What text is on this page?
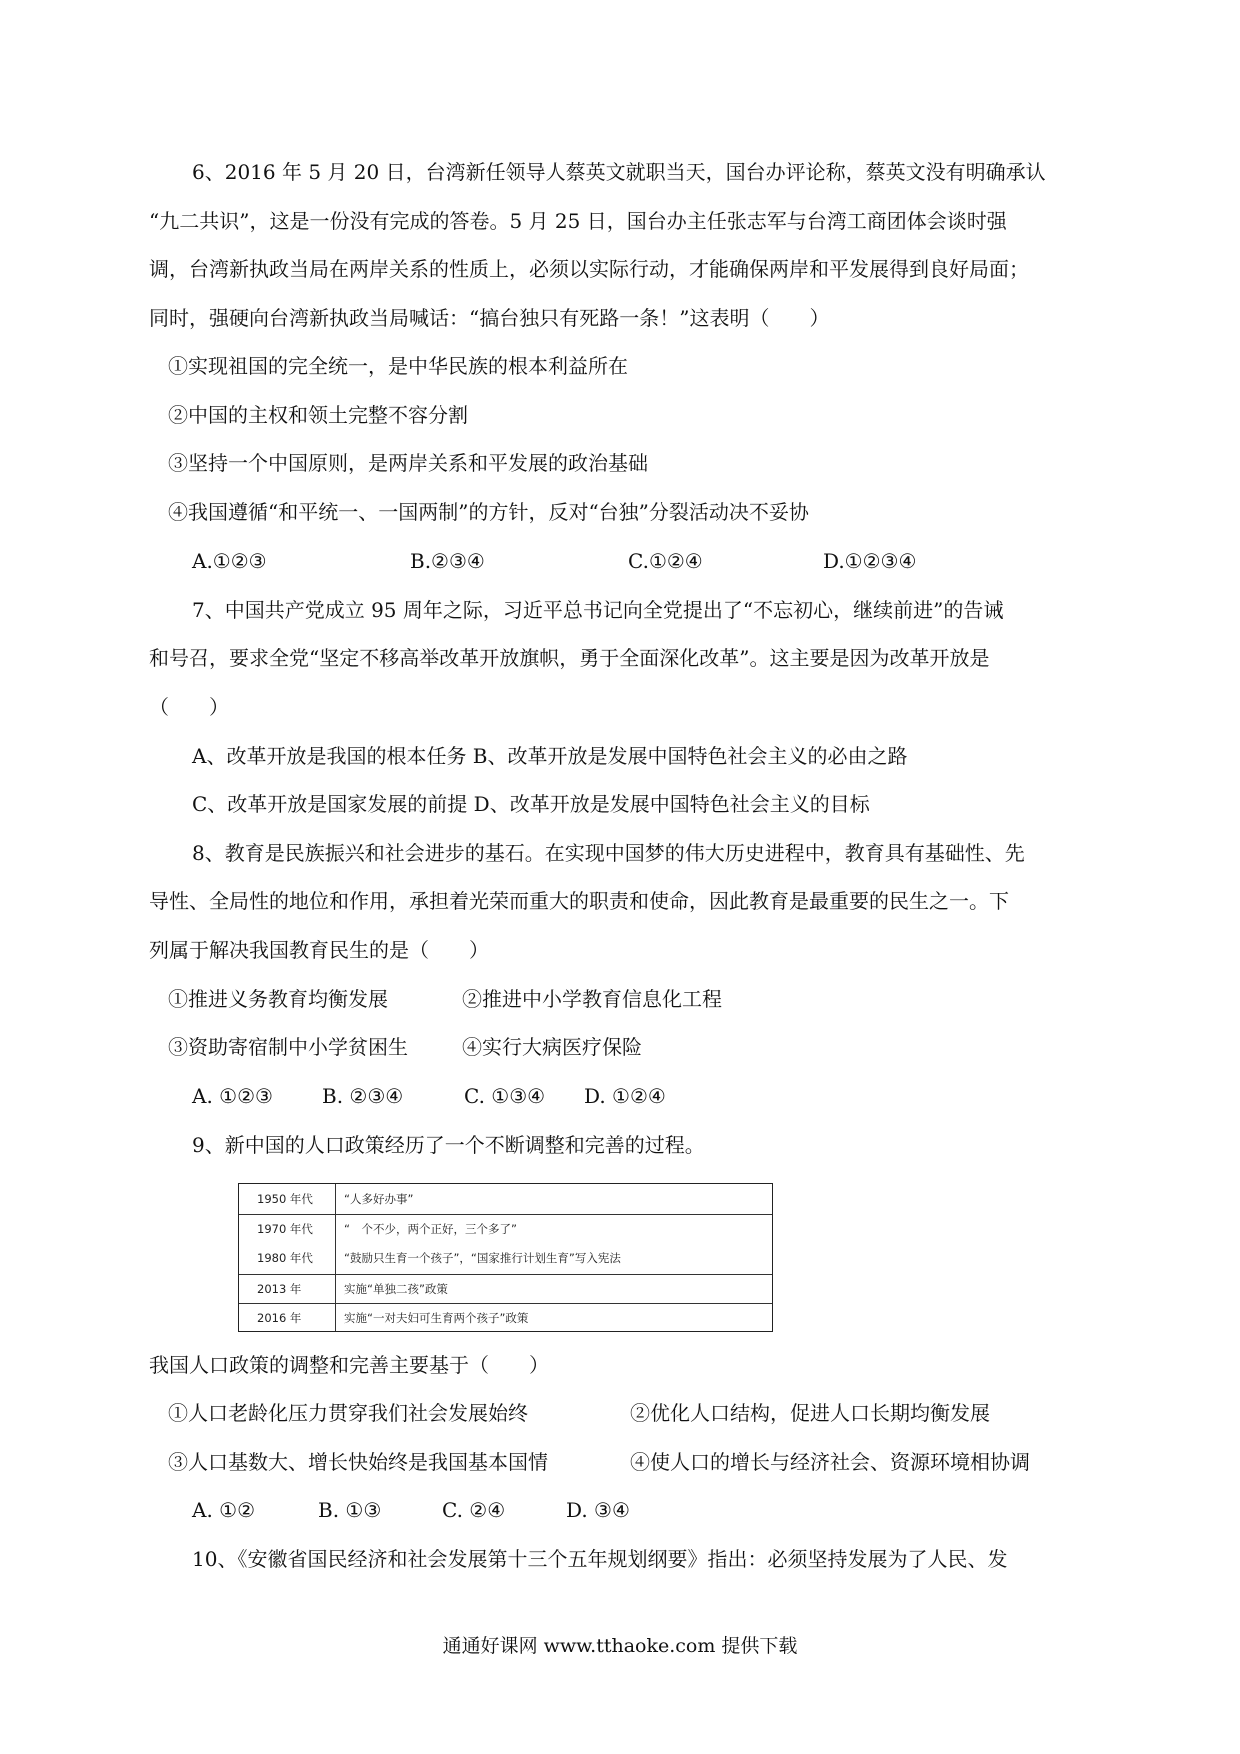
6、2016 年 5 月 20 日，台湾新任领导人蔡英文就职当天，国台办评论称，蔡英文没有明确承认
“九二共识”，这是一份没有完成的答卷。5 月 25 日，国台办主任张志军与台湾工商团体会谈时强
调，台湾新执政当局在两岸关系的性质上，必须以实际行动，才能确保两岸和平发展得到良好局面；
同时，强硬向台湾新执政当局喊话：“搞台独只有死路一条！”这表明（　　）
①实现祖国的完全统一，是中华民族的根本利益所在
②中国的主权和领土完整不容分割
③坚持一个中国原则，是两岸关系和平发展的政治基础
④我国遵循“和平统一、一国两制”的方针，反对“台独”分裂活动决不妥协
A.①②③	B.②③④	C.①②④	D.①②③④
7、中国共产党成立 95 周年之际，习近平总书记向全党提出了“不忘初心，继续前进”的告诫
和号召，要求全党“坚定不移高举改革开放旗帜，勇于全面深化改革”。这主要是因为改革开放是
（　　）
A、改革开放是我国的根本任务 B、改革开放是发展中国特色社会主义的必由之路
C、改革开放是国家发展的前提 D、改革开放是发展中国特色社会主义的目标
8、教育是民族振兴和社会进步的基石。在实现中国梦的伟大历史进程中，教育具有基础性、先
导性、全局性的地位和作用，承担着光荣而重大的职责和使命，因此教育是最重要的民生之一。下
列属于解决我国教育民生的是（　　）
①推进义务教育均衡发展	②推进中小学教育信息化工程
③资助寄宿制中小学贫困生	④实行大病医疗保险
A. ①②③ B. ②③④	C. ①③④ D. ①②④
9、新中国的人口政策经历了一个不断调整和完善的过程。
1950 年代	“人多好办事”
1970 年代	“　个不少，两个正好，三个多了”
1980 年代	“鼓励只生育一个孩子”，“国家推行计划生育”写入宪法
2013 年	实施“单独二孩”政策
2016 年	实施“一对夫妇可生育两个孩子”政策
我国人口政策的调整和完善主要基于（　　）
①人口老龄化压力贯穿我们社会发展始终	②优化人口结构，促进人口长期均衡发展
③人口基数大、增长快始终是我国基本国情	④使人口的增长与经济社会、资源环境相协调
A. ①②	B. ①③	C. ②④	D. ③④
10、《安徽省国民经济和社会发展第十三个五年规划纲要》指出：必须坚持发展为了人民、发
通通好课网 www.tthaoke.com 提供下载
